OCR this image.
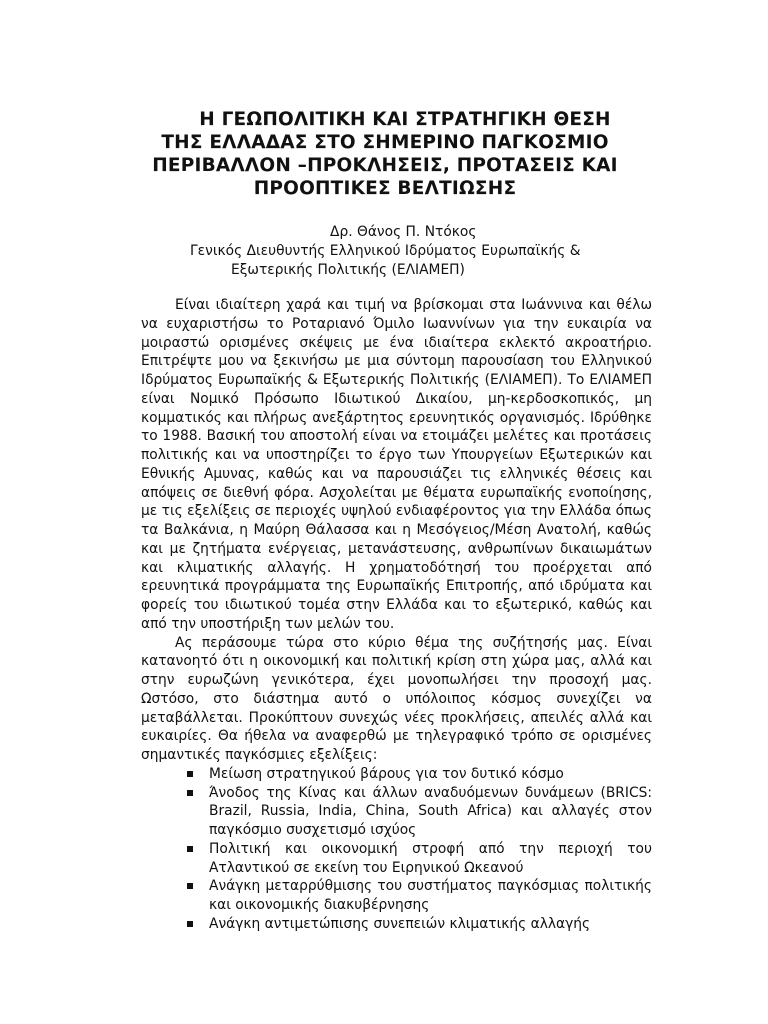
Η ΓΕΩΠΟΛΙΤΙΚΗ ΚΑΙ ΣΤΡΑΤΗΓΙΚΗ ΘΕΣΗ
ΤΗΣ ΕΛΛΑΔΑΣ ΣΤΟ ΣΗΜΕΡΙΝΟ ΠΑΓΚΟΣΜΙΟ
ΠΕΡΙΒΑΛΛΟΝ –ΠΡΟΚΛΗΣΕΙΣ, ΠΡΟΤΑΣΕΙΣ ΚΑΙ
ΠΡΟΟΠΤΙΚΕΣ ΒΕΛΤΙΩΣΗΣ
Δρ. Θάνος Π. Ντόκος
Γενικός Διευθυντής Ελληνικού Ιδρύματος Ευρωπαϊκής &
Εξωτερικής Πολιτικής (ΕΛΙΑΜΕΠ)

Είναι ιδιαίτερη χαρά και τιμή να βρίσκομαι στα Ιωάννινα και θέλω να ευχαριστήσω το Ροταριανό Όμιλο Ιωαννίνων για την ευκαιρία να μοιραστώ ορισμένες σκέψεις με ένα ιδιαίτερα εκλεκτό ακροατήριο. Επιτρέψτε μου να ξεκινήσω με μια σύντομη παρουσίαση του Ελληνικού Ιδρύματος Ευρωπαϊκής & Εξωτερικής Πολιτικής (ΕΛΙΑΜΕΠ). Το ΕΛΙΑΜΕΠ είναι Νομικό Πρόσωπο Ιδιωτικού Δικαίου, μη-κερδοσκοπικός, μη κομματικός και πλήρως ανεξάρτητος ερευνητικός οργανισμός. Ιδρύθηκε το 1988. Βασική του αποστολή είναι να ετοιμάζει μελέτες και προτάσεις πολιτικής και να υποστηρίζει το έργο των Υπουργείων Εξωτερικών και Εθνικής Αμυνας, καθώς και να παρουσιάζει τις ελληνικές θέσεις και απόψεις σε διεθνή φόρα. Ασχολείται με θέματα ευρωπαϊκής ενοποίησης, με τις εξελίξεις σε περιοχές υψηλού ενδιαφέροντος για την Ελλάδα όπως τα Βαλκάνια, η Μαύρη Θάλασσα και η Μεσόγειος/Μέση Ανατολή, καθώς και με ζητήματα ενέργειας, μετανάστευσης, ανθρωπίνων δικαιωμάτων και κλιματικής αλλαγής. Η χρηματοδότησή του προέρχεται από ερευνητικά προγράμματα της Ευρωπαϊκής Επιτροπής, από ιδρύματα και φορείς του ιδιωτικού τομέα στην Ελλάδα και το εξωτερικό, καθώς και από την υποστήριξη των μελών του.

Ας περάσουμε τώρα στο κύριο θέμα της συζήτησής μας. Είναι κατανοητό ότι η οικονομική και πολιτική κρίση στη χώρα μας, αλλά και στην ευρωζώνη γενικότερα, έχει μονοπωλήσει την προσοχή μας. Ωστόσο, στο διάστημα αυτό ο υπόλοιπος κόσμος συνεχίζει να μεταβάλλεται. Προκύπτουν συνεχώς νέες προκλήσεις, απειλές αλλά και ευκαιρίες. Θα ήθελα να αναφερθώ με τηλεγραφικό τρόπο σε ορισμένες σημαντικές παγκόσμιες εξελίξεις:

Μείωση στρατηγικού βάρους για τον δυτικό κόσμο
Άνοδος της Κίνας και άλλων αναδυόμενων δυνάμεων (BRICS: Brazil, Russia, India, China, South Africa) και αλλαγές στον παγκόσμιο συσχετισμό ισχύος
Πολιτική και οικονομική στροφή από την περιοχή του Ατλαντικού σε εκείνη του Ειρηνικού Ωκεανού
Ανάγκη μεταρρύθμισης του συστήματος παγκόσμιας πολιτικής και οικονομικής διακυβέρνησης
Ανάγκη αντιμετώπισης συνεπειών κλιματικής αλλαγής
